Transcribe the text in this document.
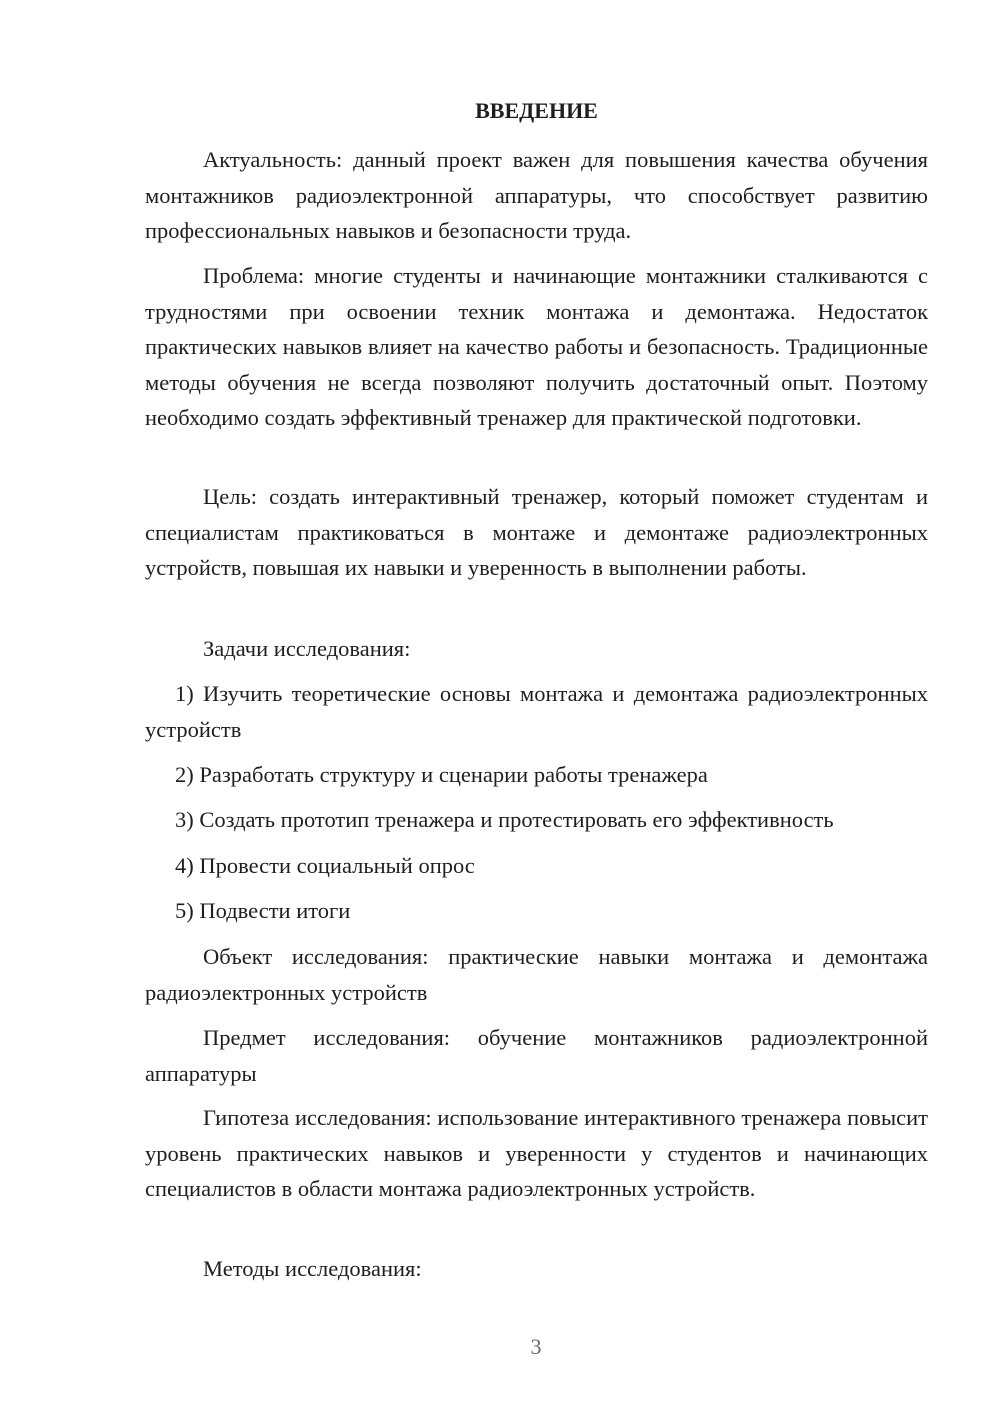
ВВЕДЕНИЕ
Актуальность: данный проект важен для повышения качества обучения монтажников радиоэлектронной аппаратуры, что способствует развитию профессиональных навыков и безопасности труда.
Проблема: многие студенты и начинающие монтажники сталкиваются с трудностями при освоении техник монтажа и демонтажа. Недостаток практических навыков влияет на качество работы и безопасность. Традиционные методы обучения не всегда позволяют получить достаточный опыт. Поэтому необходимо создать эффективный тренажер для практической подготовки.
Цель: создать интерактивный тренажер, который поможет студентам и специалистам практиковаться в монтаже и демонтаже радиоэлектронных устройств, повышая их навыки и уверенность в выполнении работы.
Задачи исследования:
1) Изучить теоретические основы монтажа и демонтажа радиоэлектронных устройств
2) Разработать структуру и сценарии работы тренажера
3) Создать прототип тренажера и протестировать его эффективность
4) Провести социальный опрос
5) Подвести итоги
Объект исследования: практические навыки монтажа и демонтажа радиоэлектронных устройств
Предмет исследования: обучение монтажников радиоэлектронной аппаратуры
Гипотеза исследования: использование интерактивного тренажера повысит уровень практических навыков и уверенности у студентов и начинающих специалистов в области монтажа радиоэлектронных устройств.
Методы исследования:
3
